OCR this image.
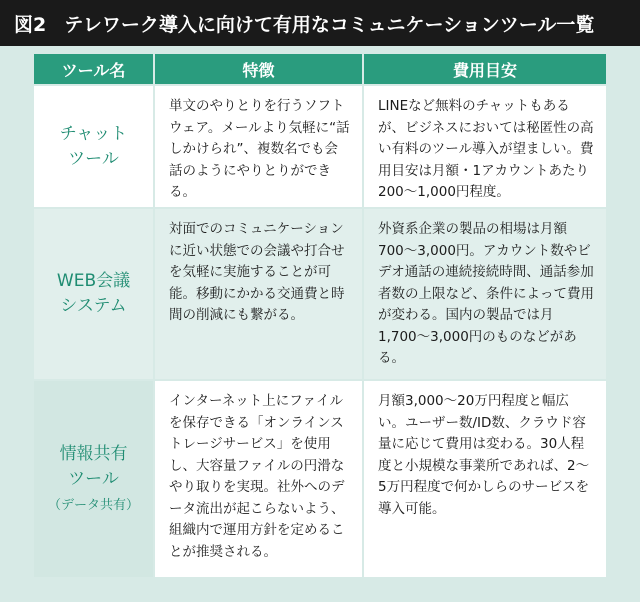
図2 テレワーク導入に向けて有用なコミュニケーションツール一覧
ツール名	特徴	費用目安
チャット
ツール
単文のやりとりを行うソフトウェア。メールより気軽に“話しかけられ”、複数名でも会話のようにやりとりができる。
LINEなど無料のチャットもあるが、ビジネスにおいては秘匿性の高い有料のツール導入が望ましい。費用目安は月額・1アカウントあたり200〜1,000円程度。
WEB会議
システム
対面でのコミュニケーションに近い状態での会議や打合せを気軽に実施することが可能。移動にかかる交通費と時間の削減にも繋がる。
外資系企業の製品の相場は月額700〜3,000円。アカウント数やビデオ通話の連続接続時間、通話参加者数の上限など、条件によって費用が変わる。国内の製品では月1,700〜3,000円のものなどがある。
情報共有
ツール
（データ共有）
インターネット上にファイルを保存できる「オンラインストレージサービス」を使用し、大容量ファイルの円滑なやり取りを実現。社外へのデータ流出が起こらないよう、組織内で運用方針を定めることが推奨される。
月額3,000〜20万円程度と幅広い。ユーザー数/ID数、クラウド容量に応じて費用は変わる。30人程度と小規模な事業所であれば、2〜5万円程度で何かしらのサービスを導入可能。
